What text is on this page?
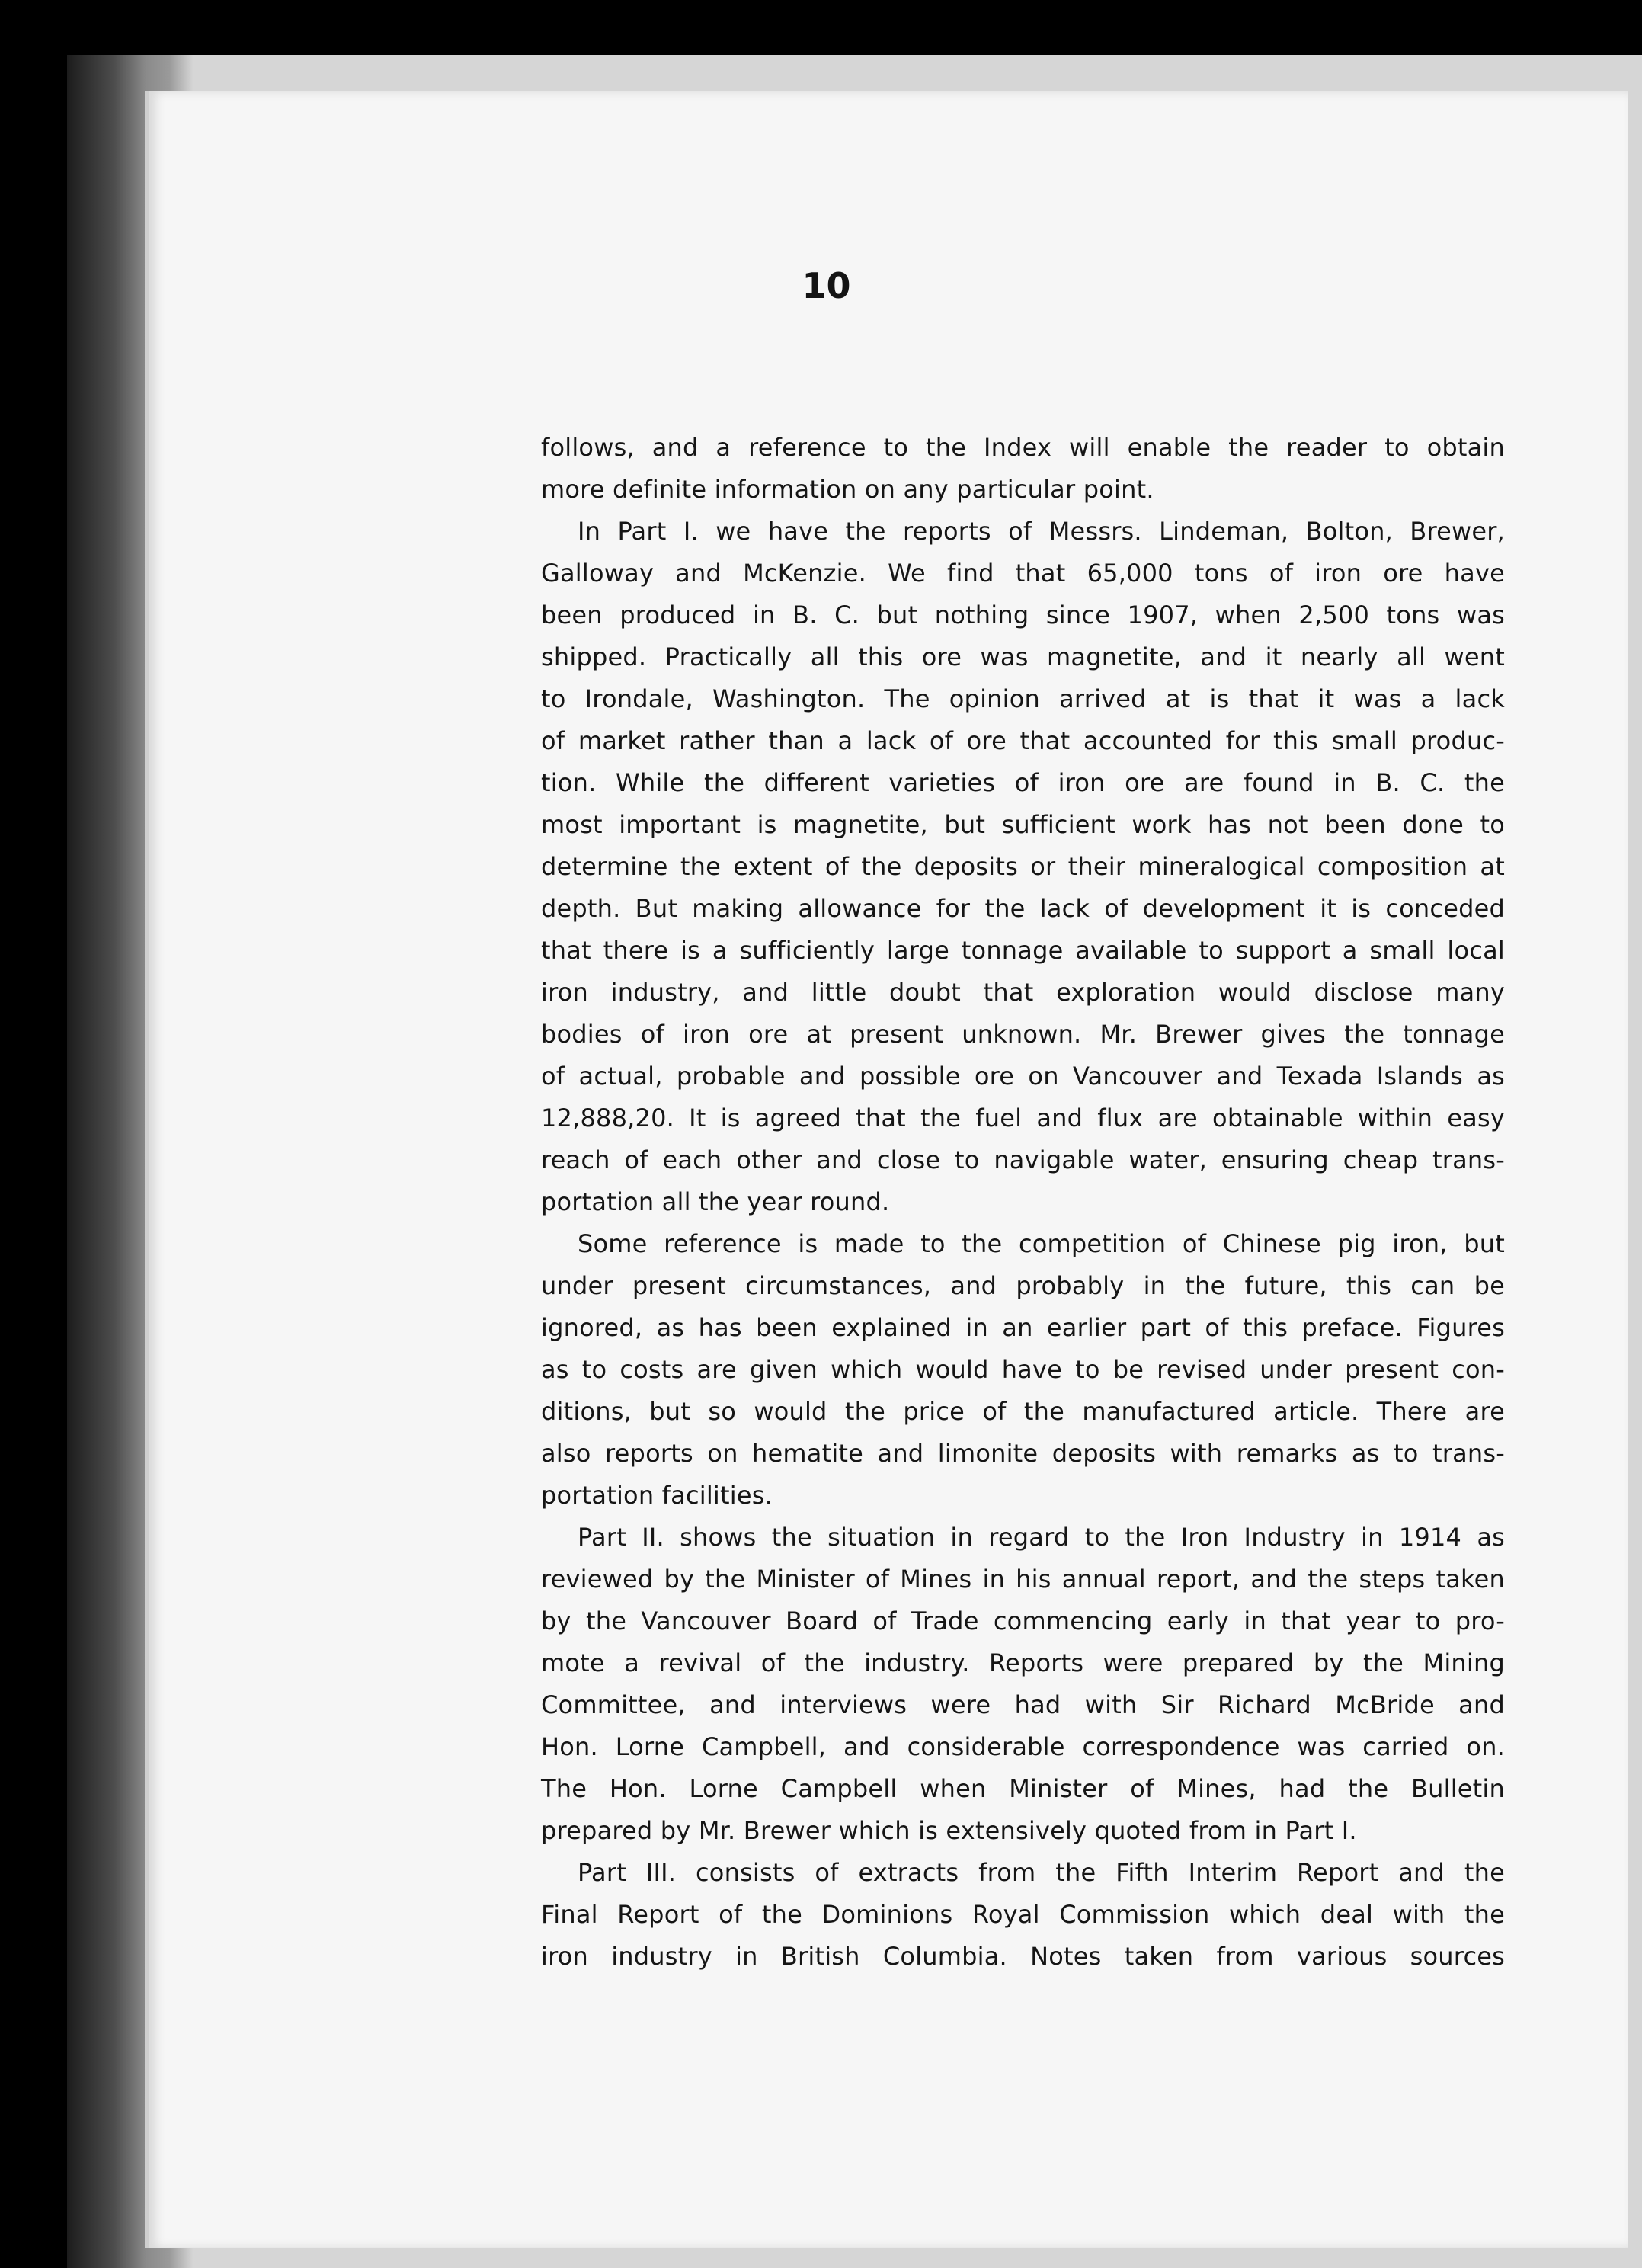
10
follows, and a reference to the Index will enable the reader to obtain
more definite information on any particular point.
In Part I. we have the reports of Messrs. Lindeman, Bolton, Brewer,
Galloway and McKenzie. We find that 65,000 tons of iron ore have
been produced in B. C. but nothing since 1907, when 2,500 tons was
shipped. Practically all this ore was magnetite, and it nearly all went
to Irondale, Washington. The opinion arrived at is that it was a lack
of market rather than a lack of ore that accounted for this small produc-
tion. While the different varieties of iron ore are found in B. C. the
most important is magnetite, but sufficient work has not been done to
determine the extent of the deposits or their mineralogical composition at
depth. But making allowance for the lack of development it is conceded
that there is a sufficiently large tonnage available to support a small local
iron industry, and little doubt that exploration would disclose many
bodies of iron ore at present unknown. Mr. Brewer gives the tonnage
of actual, probable and possible ore on Vancouver and Texada Islands as
12,888,20. It is agreed that the fuel and flux are obtainable within easy
reach of each other and close to navigable water, ensuring cheap trans-
portation all the year round.
Some reference is made to the competition of Chinese pig iron, but
under present circumstances, and probably in the future, this can be
ignored, as has been explained in an earlier part of this preface. Figures
as to costs are given which would have to be revised under present con-
ditions, but so would the price of the manufactured article. There are
also reports on hematite and limonite deposits with remarks as to trans-
portation facilities.
Part II. shows the situation in regard to the Iron Industry in 1914 as
reviewed by the Minister of Mines in his annual report, and the steps taken
by the Vancouver Board of Trade commencing early in that year to pro-
mote a revival of the industry. Reports were prepared by the Mining
Committee, and interviews were had with Sir Richard McBride and
Hon. Lorne Campbell, and considerable correspondence was carried on.
The Hon. Lorne Campbell when Minister of Mines, had the Bulletin
prepared by Mr. Brewer which is extensively quoted from in Part I.
Part III. consists of extracts from the Fifth Interim Report and the
Final Report of the Dominions Royal Commission which deal with the
iron industry in British Columbia. Notes taken from various sources
